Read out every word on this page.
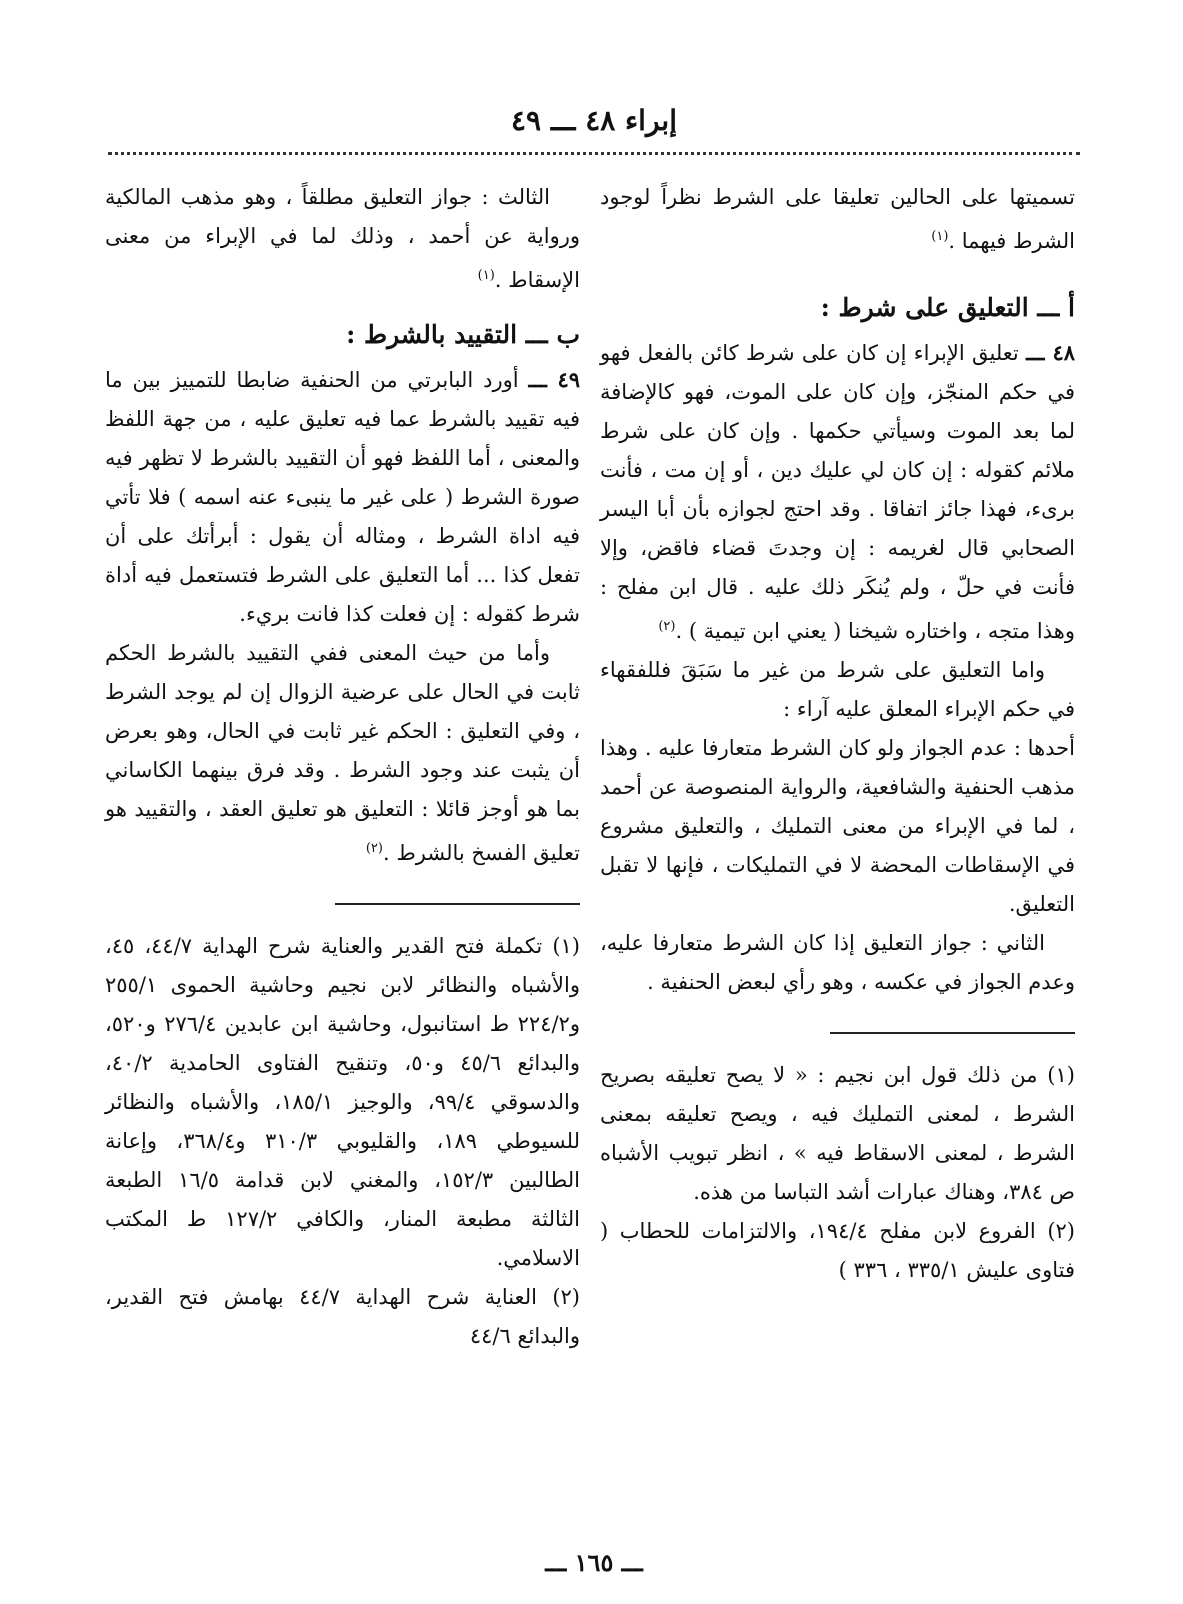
إبراء ٤٨ ـــ ٤٩

تسميتها على الحالين تعليقا على الشرط نظراً لوجود الشرط فيهما .$^{(١)}$

أ ـــ التعليق على شرط :

٤٨ ـــ تعليق الإبراء إن كان على شرط كائن بالفعل فهو في حكم المنجّز، وإن كان على الموت، فهو كالإضافة لما بعد الموت وسيأتي حكمها . وإن كان على شرط ملائم كقوله : إن كان لي عليك دين ، أو إن مت ، فأنت برىء، فهذا جائز اتفاقا . وقد احتج لجوازه بأن أبا اليسر الصحابي قال لغريمه : إن وجدتَ قضاء فاقض، وإلا فأنت في حلّ ، ولم يُنكَر ذلك عليه . قال ابن مفلح : وهذا متجه ، واختاره شيخنا ( يعني ابن تيمية ) .$^{(٢)}$

واما التعليق على شرط من غير ما سَبَقَ فللفقهاء في حكم الإبراء المعلق عليه آراء :

أحدها : عدم الجواز ولو كان الشرط متعارفا عليه . وهذا مذهب الحنفية والشافعية، والرواية المنصوصة عن أحمد ، لما في الإبراء من معنى التمليك ، والتعليق مشروع في الإسقاطات المحضة لا في التمليكات ، فإنها لا تقبل التعليق.

الثاني : جواز التعليق إذا كان الشرط متعارفا عليه، وعدم الجواز في عكسه ، وهو رأي لبعض الحنفية .

(١) من ذلك قول ابن نجيم : « لا يصح تعليقه بصريح الشرط ، لمعنى التمليك فيه ، ويصح تعليقه بمعنى الشرط ، لمعنى الاسقاط فيه » ، انظر تبويب الأشباه ص ٣٨٤، وهناك عبارات أشد التباسا من هذه.

(٢) الفروع لابن مفلح ١٩٤/٤، والالتزامات للحطاب ( فتاوى عليش ٣٣٥/١ ، ٣٣٦ )

الثالث : جواز التعليق مطلقاً ، وهو مذهب المالكية ورواية عن أحمد ، وذلك لما في الإبراء من معنى الإسقاط .$^{(١)}$

ب ـــ التقييد بالشرط :

٤٩ ـــ أورد البابرتي من الحنفية ضابطا للتمييز بين ما فيه تقييد بالشرط عما فيه تعليق عليه ، من جهة اللفظ والمعنى ، أما اللفظ فهو أن التقييد بالشرط لا تظهر فيه صورة الشرط ( على غير ما ينبىء عنه اسمه ) فلا تأتي فيه اداة الشرط ، ومثاله أن يقول : أبرأتك على أن تفعل كذا ... أما التعليق على الشرط فتستعمل فيه أداة شرط كقوله : إن فعلت كذا فانت بريء.

وأما من حيث المعنى ففي التقييد بالشرط الحكم ثابت في الحال على عرضية الزوال إن لم يوجد الشرط ، وفي التعليق : الحكم غير ثابت في الحال، وهو بعرض أن يثبت عند وجود الشرط . وقد فرق بينهما الكاساني بما هو أوجز قائلا : التعليق هو تعليق العقد ، والتقييد هو تعليق الفسخ بالشرط .$^{(٢)}$

(١) تكملة فتح القدير والعناية شرح الهداية ٤٤/٧، ٤٥، والأشباه والنظائر لابن نجيم وحاشية الحموى ٢٥٥/١ و٢٢٤/٢ ط استانبول، وحاشية ابن عابدين ٢٧٦/٤ و٥٢٠، والبدائع ٤٥/٦ و٥٠، وتنقيح الفتاوى الحامدية ٤٠/٢، والدسوقي ٩٩/٤، والوجيز ١٨٥/١، والأشباه والنظائر للسيوطي ١٨٩، والقليوبي ٣١٠/٣ و٣٦٨/٤، وإعانة الطالبين ١٥٢/٣، والمغني لابن قدامة ١٦/٥ الطبعة الثالثة مطبعة المنار، والكافي ١٢٧/٢ ط المكتب الاسلامي.

(٢) العناية شرح الهداية ٤٤/٧ بهامش فتح القدير، والبدائع ٤٤/٦

ـــ ١٦٥ ـــ
